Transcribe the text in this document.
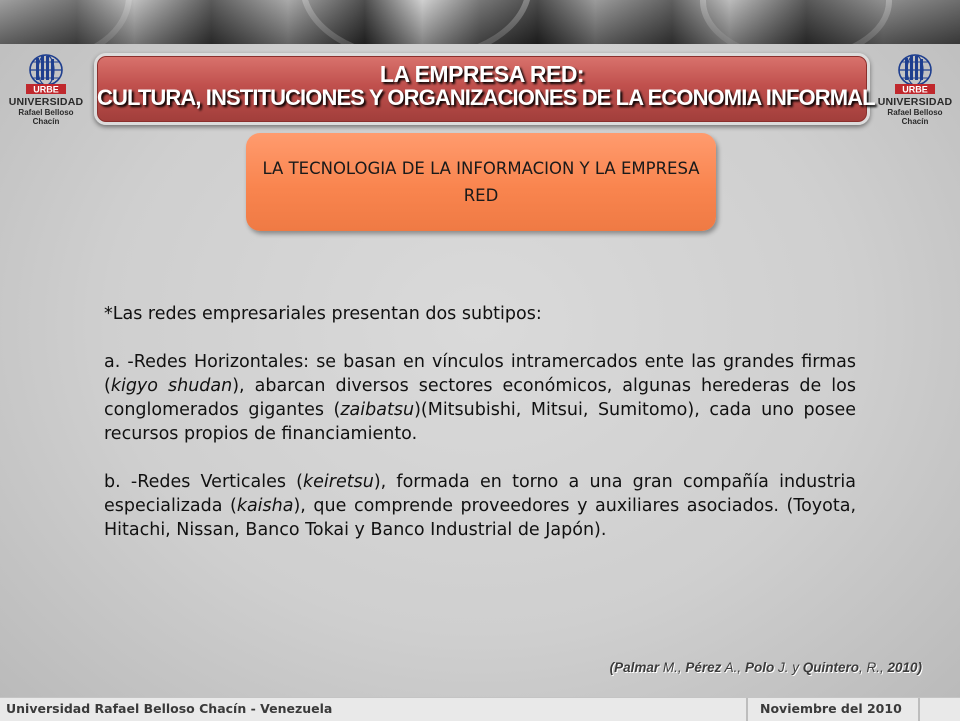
URBE
UNIVERSIDAD
Rafael Belloso Chacín
URBE
UNIVERSIDAD
Rafael Belloso Chacín
LA EMPRESA RED:
CULTURA, INSTITUCIONES Y ORGANIZACIONES DE LA ECONOMIA INFORMAL
LA TECNOLOGIA DE LA INFORMACION Y LA EMPRESA RED

*Las redes empresariales presentan dos subtipos:

a. -Redes Horizontales: se basan en vínculos intramercados ente las grandes firmas (kigyo shudan), abarcan diversos sectores económicos, algunas herederas de los conglomerados gigantes (zaibatsu)(Mitsubishi, Mitsui, Sumitomo), cada uno posee recursos propios de financiamiento.

b. -Redes Verticales (keiretsu), formada en torno a una gran compañía industria especializada (kaisha), que comprende proveedores y auxiliares asociados. (Toyota, Hitachi, Nissan, Banco Tokai y Banco Industrial de Japón).

(Palmar M., Pérez A., Polo J. y Quintero, R., 2010)
Universidad Rafael Belloso Chacín - Venezuela	Noviembre del 2010
